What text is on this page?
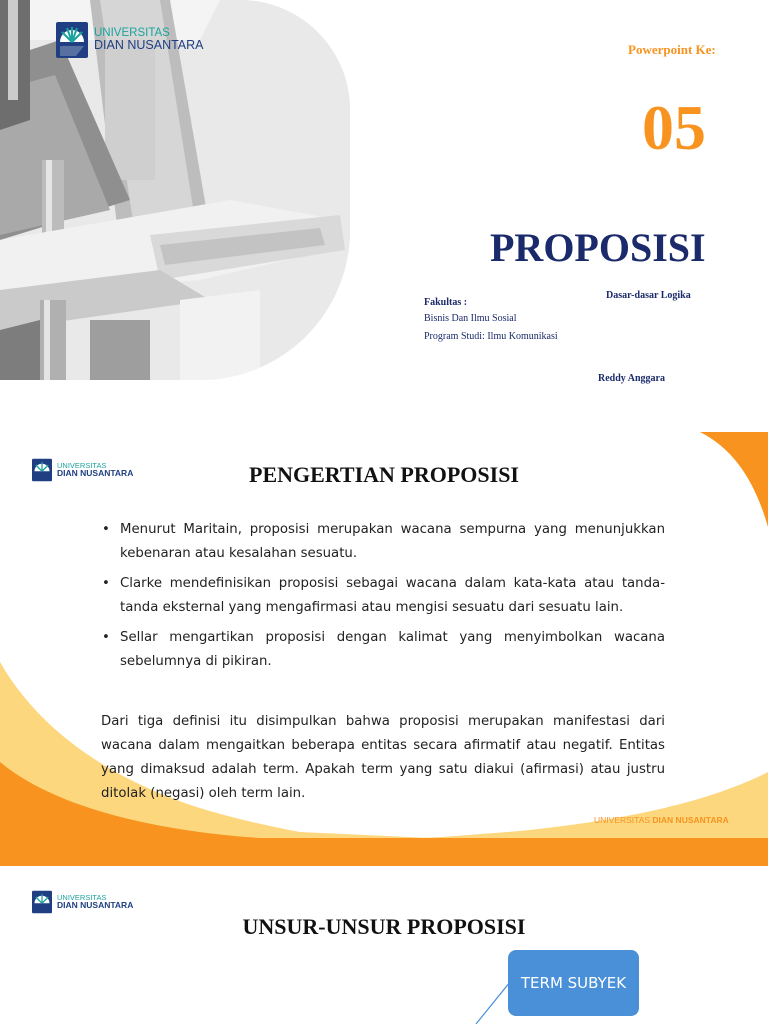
UNIVERSITAS
DIAN NUSANTARA	Powerpoint Ke:
05
PROPOSISI
Dasar-dasar Logika
Fakultas :
Bisnis Dan Ilmu Sosial
Program Studi: Ilmu Komunikasi
Reddy Anggara
UNIVERSITAS
DIAN NUSANTARA	PENGERTIAN PROPOSISI
• Menurut Maritain, proposisi merupakan wacana sempurna yang menunjukkan kebenaran atau kesalahan sesuatu.
• Clarke mendefinisikan proposisi sebagai wacana dalam kata-kata atau tanda-tanda eksternal yang mengafirmasi atau mengisi sesuatu dari sesuatu lain.
• Sellar mengartikan proposisi dengan kalimat yang menyimbolkan wacana sebelumnya di pikiran.

Dari tiga definisi itu disimpulkan bahwa proposisi merupakan manifestasi dari wacana dalam mengaitkan beberapa entitas secara afirmatif atau negatif. Entitas yang dimaksud adalah term. Apakah term yang satu diakui (afirmasi) atau justru ditolak (negasi) oleh term lain.

UNIVERSITAS DIAN NUSANTARA
UNIVERSITAS
DIAN NUSANTARA
UNSUR-UNSUR PROPOSISI
TERM SUBYEK
